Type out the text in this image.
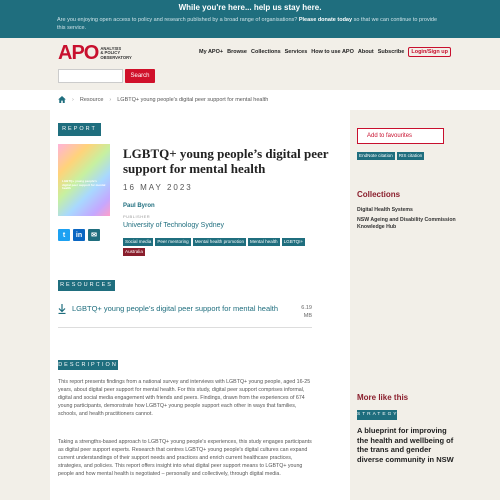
While you're here... help us stay here.
Are you enjoying open access to policy and research published by a broad range of organisations? Please donate today so that we can continue to provide this service.
APO ANALYSIS
& POLICY
OBSERVATORY
My APO+ Browse Collections Services How to use APO About Subscribe	Login/Sign up
Search
› Resource › LGBTQ+ young people's digital peer support for mental health
REPORT
LGBTQ+ young people's digital peer support for mental health
LGBTQ+ young people’s digital peer support for mental health
16 MAY 2023
Paul Byron
PUBLISHER
University of Technology Sydney
t in ✉
Social media	Peer mentoring	Mental health promotion	Mental health	LGBTQI+
Australia
RESOURCES
LGBTQ+ young people’s digital peer support for mental health	6.19
MB
DESCRIPTION
This report presents findings from a national survey and interviews with LGBTQ+ young people, aged 16-25 years, about digital peer support for mental health. For this study, digital peer support comprises informal, digital and social media engagement with friends and peers. Findings, drawn from the experiences of 674 young participants, demonstrate how LGBTQ+ young people support each other in ways that families, schools, and health practitioners cannot.
Taking a strengths-based approach to LGBTQ+ young people's experiences, this study engages participants as digital peer support experts. Research that centres LGBTQ+ young people's digital cultures can expand current understandings of their support needs and practices and enrich current healthcare practices, strategies, and policies. This report offers insight into what digital peer support means to LGBTQ+ young people and how mental health is negotiated – personally and collectively, through digital media.
Add to favourites
EndNote citation	RIS citation
Collections
Digital Health Systems
NSW Ageing and Disability Commission Knowledge Hub
More like this
STRATEGY
A blueprint for improving the health and wellbeing of the trans and gender diverse community in NSW
